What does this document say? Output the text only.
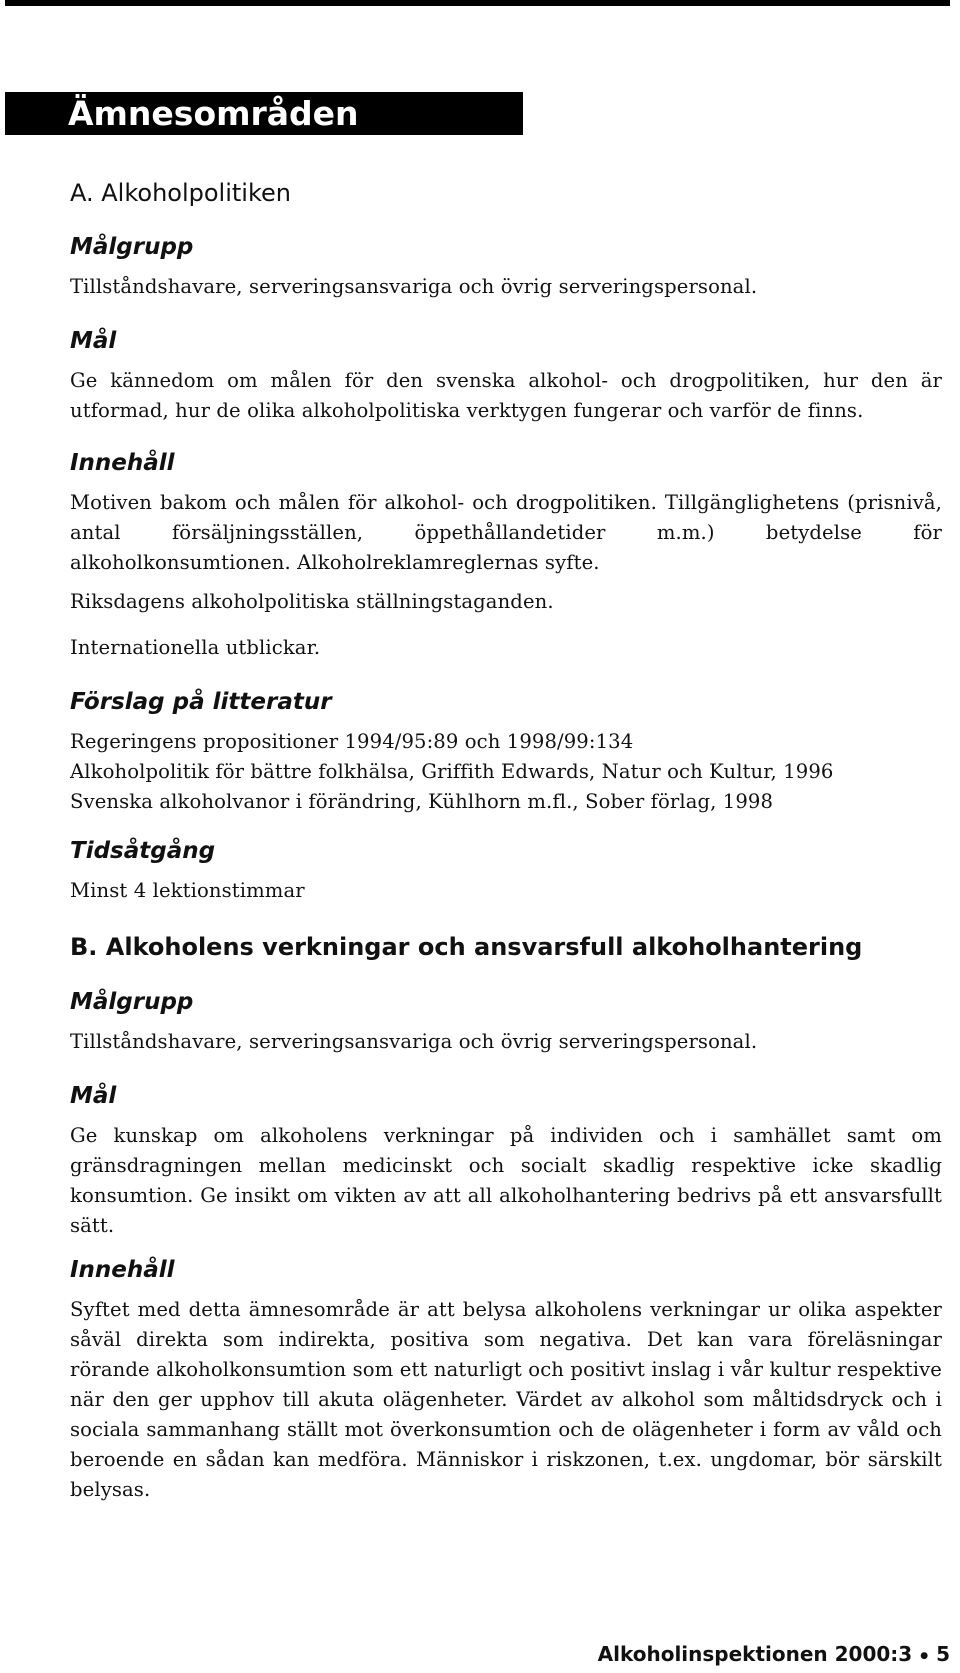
Ämnesområden
A. Alkoholpolitiken
Målgrupp

Tillståndshavare, serveringsansvariga och övrig serveringspersonal.

Mål

Ge kännedom om målen för den svenska alkohol- och drogpolitiken, hur den är utformad, hur de olika alkoholpolitiska verktygen fungerar och varför de finns.

Innehåll

Motiven bakom och målen för alkohol- och drogpolitiken. Tillgänglighetens (prisnivå, antal försäljningsställen, öppethållandetider m.m.) betydelse för alkoholkonsumtionen. Alkoholreklamreglernas syfte.

Riksdagens alkoholpolitiska ställningstaganden.

Internationella utblickar.

Förslag på litteratur
Regeringens propositioner 1994/95:89 och 1998/99:134
Alkoholpolitik för bättre folkhälsa, Griffith Edwards, Natur och Kultur, 1996
Svenska alkoholvanor i förändring, Kühlhorn m.fl., Sober förlag, 1998
Tidsåtgång

Minst 4 lektionstimmar

B. Alkoholens verkningar och ansvarsfull alkoholhantering
Målgrupp

Tillståndshavare, serveringsansvariga och övrig serveringspersonal.

Mål

Ge kunskap om alkoholens verkningar på individen och i samhället samt om gränsdragningen mellan medicinskt och socialt skadlig respektive icke skadlig konsumtion. Ge insikt om vikten av att all alkoholhantering bedrivs på ett ansvarsfullt sätt.

Innehåll

Syftet med detta ämnesområde är att belysa alkoholens verkningar ur olika aspekter såväl direkta som indirekta, positiva som negativa. Det kan vara föreläsningar rörande alkoholkonsumtion som ett naturligt och positivt inslag i vår kultur respektive när den ger upphov till akuta olägenheter. Värdet av alkohol som måltidsdryck och i sociala sammanhang ställt mot överkonsumtion och de olägenheter i form av våld och beroende en sådan kan medföra. Människor i riskzonen, t.ex. ungdomar, bör särskilt belysas.

Alkoholinspektionen 2000:3 ● 5
